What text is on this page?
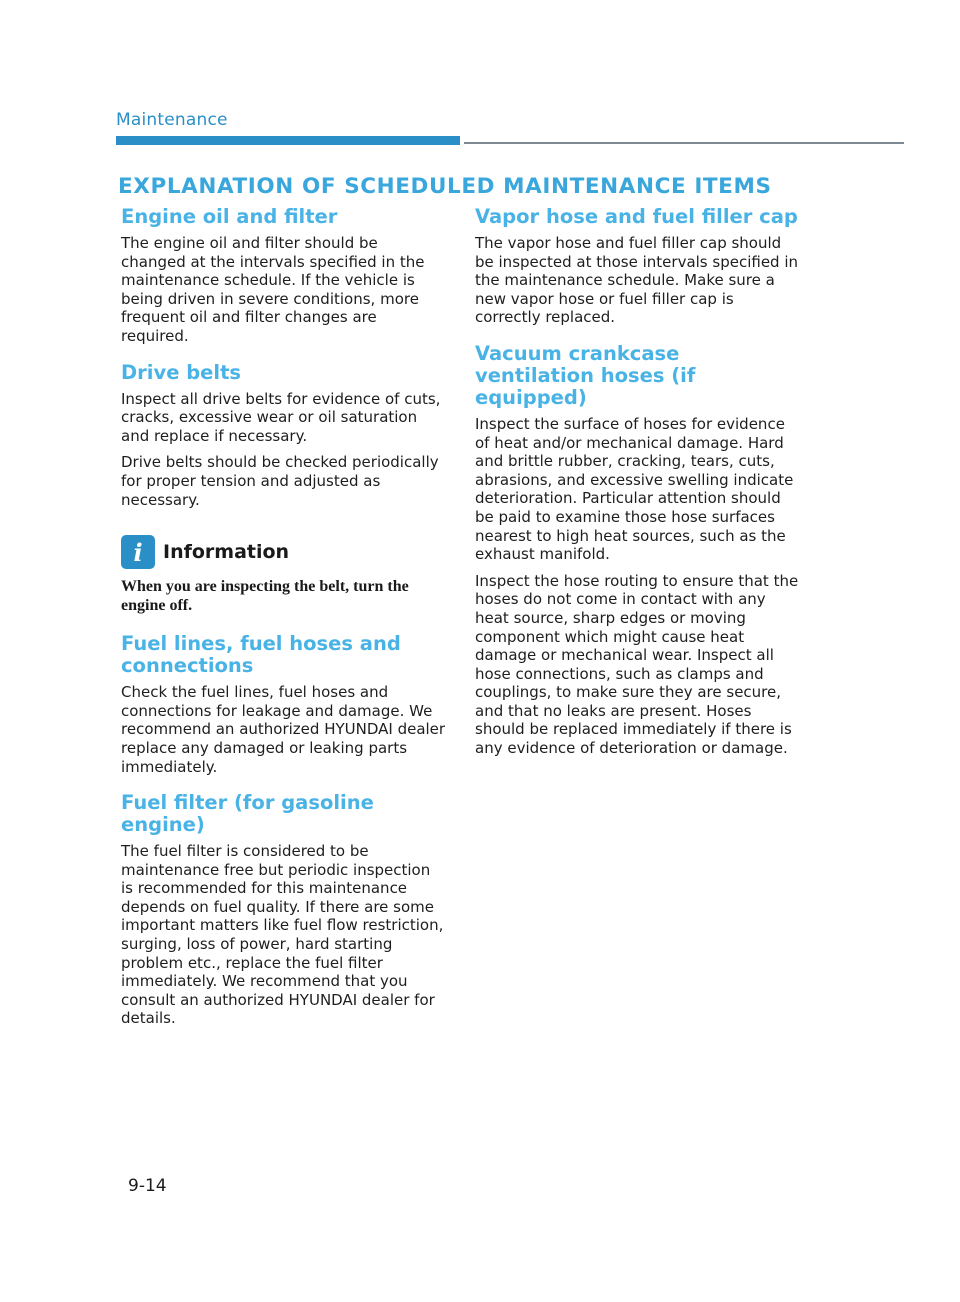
Maintenance
EXPLANATION OF SCHEDULED MAINTENANCE ITEMS
Engine oil and filter

The engine oil and filter should be changed at the intervals specified in the maintenance schedule. If the vehicle is being driven in severe conditions, more frequent oil and filter changes are required.

Drive belts

Inspect all drive belts for evidence of cuts, cracks, excessive wear or oil saturation and replace if necessary.

Drive belts should be checked periodically for proper tension and adjusted as necessary.

i	Information

When you are inspecting the belt, turn the engine off.

Fuel lines, fuel hoses and connections

Check the fuel lines, fuel hoses and connections for leakage and damage. We recommend an authorized HYUNDAI dealer replace any damaged or leaking parts immediately.

Fuel filter (for gasoline engine)

The fuel filter is considered to be maintenance free but periodic inspection is recommended for this maintenance depends on fuel quality. If there are some important matters like fuel flow restriction, surging, loss of power, hard starting problem etc., replace the fuel filter immediately. We recommend that you consult an authorized HYUNDAI dealer for details.

Vapor hose and fuel filler cap

The vapor hose and fuel filler cap should be inspected at those intervals specified in the maintenance schedule. Make sure a new vapor hose or fuel filler cap is correctly replaced.

Vacuum crankcase ventilation hoses (if equipped)

Inspect the surface of hoses for evidence of heat and/or mechanical damage. Hard and brittle rubber, cracking, tears, cuts, abrasions, and excessive swelling indicate deterioration. Particular attention should be paid to examine those hose surfaces nearest to high heat sources, such as the exhaust manifold.

Inspect the hose routing to ensure that the hoses do not come in contact with any heat source, sharp edges or moving component which might cause heat damage or mechanical wear. Inspect all hose connections, such as clamps and couplings, to make sure they are secure, and that no leaks are present. Hoses should be replaced immediately if there is any evidence of deterioration or damage.

9-14
